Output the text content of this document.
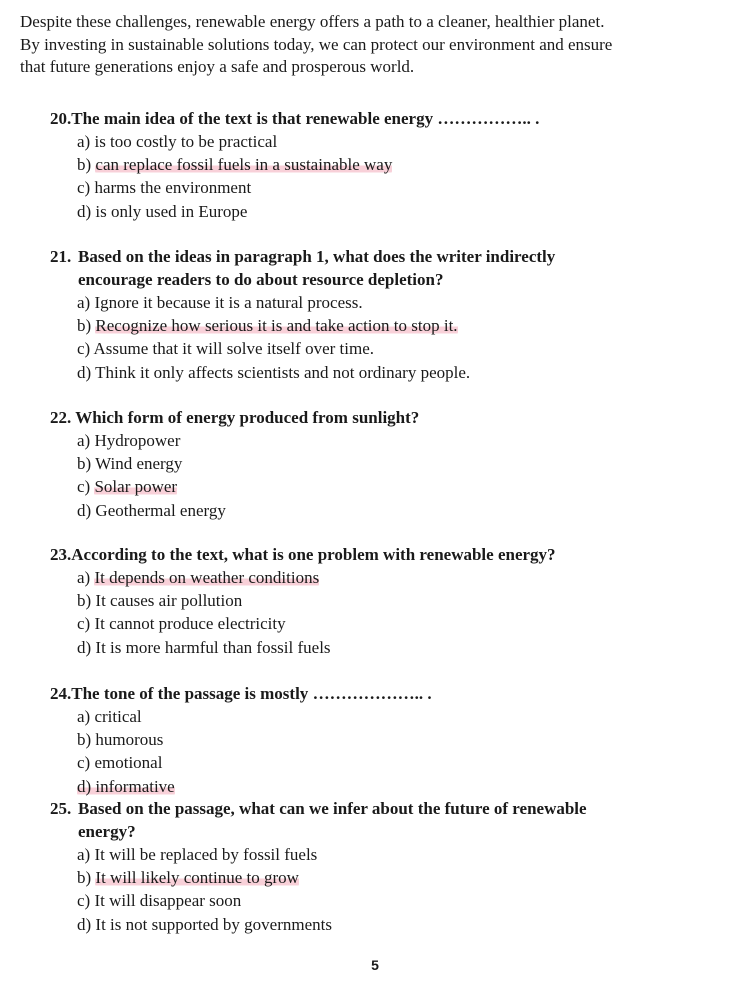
Despite these challenges, renewable energy offers a path to a cleaner, healthier planet.
By investing in sustainable solutions today, we can protect our environment and ensure
that future generations enjoy a safe and prosperous world.
20.The main idea of the text is that renewable energy …………….. .
a) is too costly to be practical
b) can replace fossil fuels in a sustainable way
c) harms the environment
d) is only used in Europe
21. Based on the ideas in paragraph 1, what does the writer indirectly
encourage readers to do about resource depletion?
a) Ignore it because it is a natural process.
b) Recognize how serious it is and take action to stop it.
c) Assume that it will solve itself over time.
d) Think it only affects scientists and not ordinary people.
22. Which form of energy produced from sunlight?
a) Hydropower
b) Wind energy
c) Solar power
d) Geothermal energy
23.According to the text, what is one problem with renewable energy?
a) It depends on weather conditions
b) It causes air pollution
c) It cannot produce electricity
d) It is more harmful than fossil fuels
24.The tone of the passage is mostly ……………….. .
a) critical
b) humorous
c) emotional
d) informative
25. Based on the passage, what can we infer about the future of renewable
energy?
a) It will be replaced by fossil fuels
b) It will likely continue to grow
c) It will disappear soon
d) It is not supported by governments
5
